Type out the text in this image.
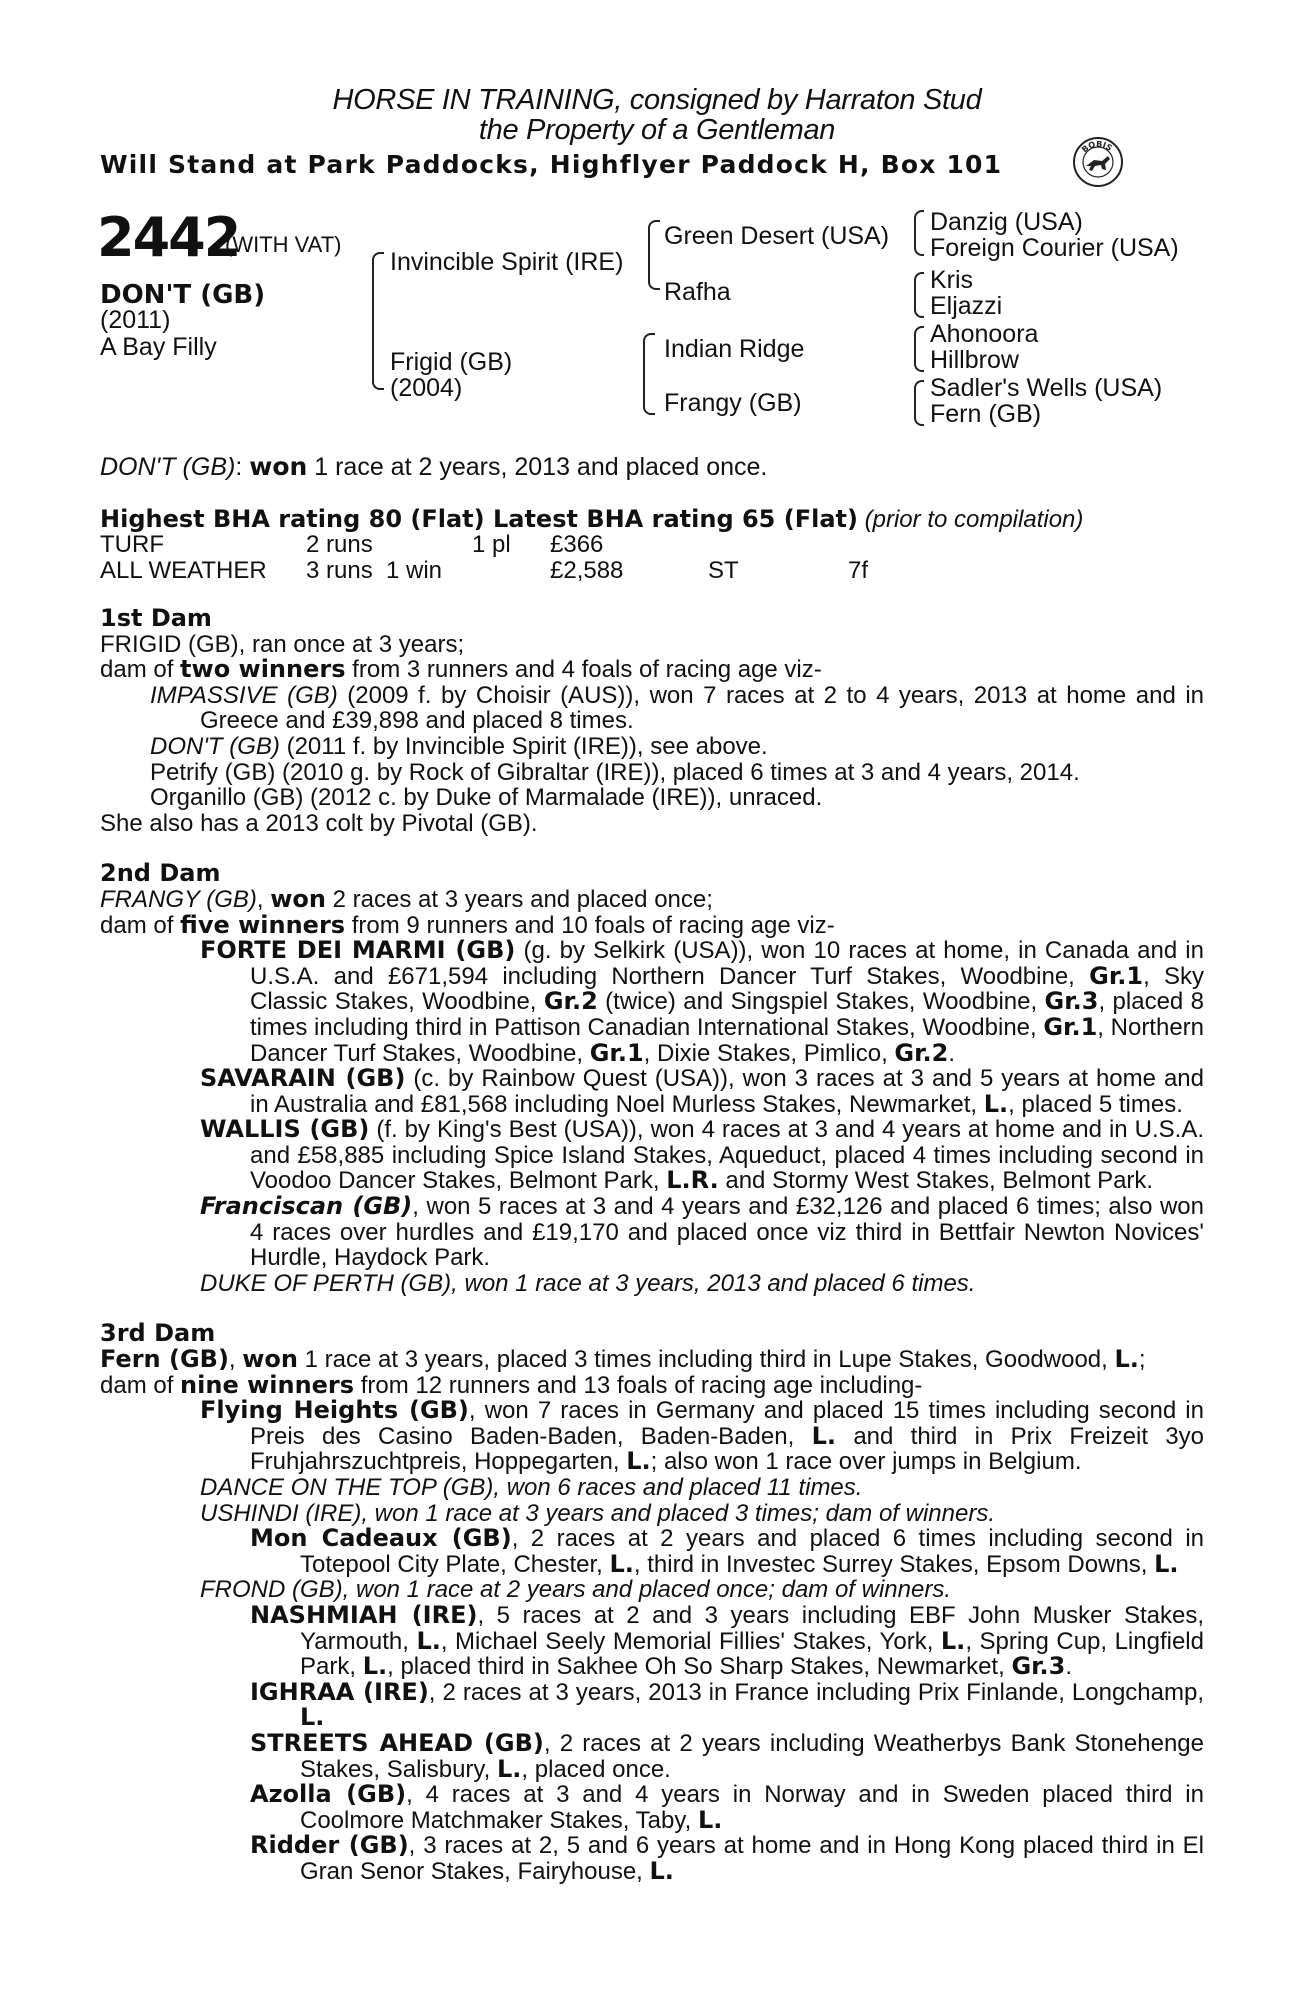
HORSE IN TRAINING, consigned by Harraton Stud
the Property of a Gentleman
Will Stand at Park Paddocks, Highflyer Paddock H, Box 101
BOBIS
2442
(WITH VAT)
DON'T (GB)
(2011)
A Bay Filly
Invincible Spirit (IRE)
Frigid (GB)
(2004)
Green Desert (USA)
Rafha
Indian Ridge
Frangy (GB)
Danzig (USA)
Foreign Courier (USA)
Kris
Eljazzi
Ahonoora
Hillbrow
Sadler's Wells (USA)
Fern (GB)
DON'T (GB): won 1 race at 2 years, 2013 and placed once.
Highest BHA rating 80 (Flat) Latest BHA rating 65 (Flat) (prior to compilation)
TURF	2 runs	1 pl £366
ALL WEATHER 3 runs 1 win	£2,588	ST	7f

1st Dam

FRIGID (GB), ran once at 3 years;

dam of two winners from 3 runners and 4 foals of racing age viz-

IMPASSIVE (GB) (2009 f. by Choisir (AUS)), won 7 races at 2 to 4 years, 2013 at home and in Greece and £39,898 and placed 8 times.

DON'T (GB) (2011 f. by Invincible Spirit (IRE)), see above.

Petrify (GB) (2010 g. by Rock of Gibraltar (IRE)), placed 6 times at 3 and 4 years, 2014.

Organillo (GB) (2012 c. by Duke of Marmalade (IRE)), unraced.

She also has a 2013 colt by Pivotal (GB).

2nd Dam

FRANGY (GB), won 2 races at 3 years and placed once;

dam of five winners from 9 runners and 10 foals of racing age viz-

FORTE DEI MARMI (GB) (g. by Selkirk (USA)), won 10 races at home, in Canada and in U.S.A. and £671,594 including Northern Dancer Turf Stakes, Woodbine, Gr.1, Sky Classic Stakes, Woodbine, Gr.2 (twice) and Singspiel Stakes, Woodbine, Gr.3, placed 8 times including third in Pattison Canadian International Stakes, Woodbine, Gr.1, Northern Dancer Turf Stakes, Woodbine, Gr.1, Dixie Stakes, Pimlico, Gr.2.

SAVARAIN (GB) (c. by Rainbow Quest (USA)), won 3 races at 3 and 5 years at home and in Australia and £81,568 including Noel Murless Stakes, Newmarket, L., placed 5 times.

WALLIS (GB) (f. by King's Best (USA)), won 4 races at 3 and 4 years at home and in U.S.A. and £58,885 including Spice Island Stakes, Aqueduct, placed 4 times including second in Voodoo Dancer Stakes, Belmont Park, L.R. and Stormy West Stakes, Belmont Park.

Franciscan (GB), won 5 races at 3 and 4 years and £32,126 and placed 6 times; also won 4 races over hurdles and £19,170 and placed once viz third in Bettfair Newton Novices' Hurdle, Haydock Park.

DUKE OF PERTH (GB), won 1 race at 3 years, 2013 and placed 6 times.

3rd Dam

Fern (GB), won 1 race at 3 years, placed 3 times including third in Lupe Stakes, Goodwood, L.;

dam of nine winners from 12 runners and 13 foals of racing age including-

Flying Heights (GB), won 7 races in Germany and placed 15 times including second in Preis des Casino Baden-Baden, Baden-Baden, L. and third in Prix Freizeit 3yo Fruhjahrszuchtpreis, Hoppegarten, L.; also won 1 race over jumps in Belgium.

DANCE ON THE TOP (GB), won 6 races and placed 11 times.

USHINDI (IRE), won 1 race at 3 years and placed 3 times; dam of winners.

Mon Cadeaux (GB), 2 races at 2 years and placed 6 times including second in Totepool City Plate, Chester, L., third in Investec Surrey Stakes, Epsom Downs, L.

FROND (GB), won 1 race at 2 years and placed once; dam of winners.

NASHMIAH (IRE), 5 races at 2 and 3 years including EBF John Musker Stakes, Yarmouth, L., Michael Seely Memorial Fillies' Stakes, York, L., Spring Cup, Lingfield Park, L., placed third in Sakhee Oh So Sharp Stakes, Newmarket, Gr.3.

IGHRAA (IRE), 2 races at 3 years, 2013 in France including Prix Finlande, Longchamp, L.

STREETS AHEAD (GB), 2 races at 2 years including Weatherbys Bank Stonehenge Stakes, Salisbury, L., placed once.

Azolla (GB), 4 races at 3 and 4 years in Norway and in Sweden placed third in Coolmore Matchmaker Stakes, Taby, L.

Ridder (GB), 3 races at 2, 5 and 6 years at home and in Hong Kong placed third in El Gran Senor Stakes, Fairyhouse, L.
